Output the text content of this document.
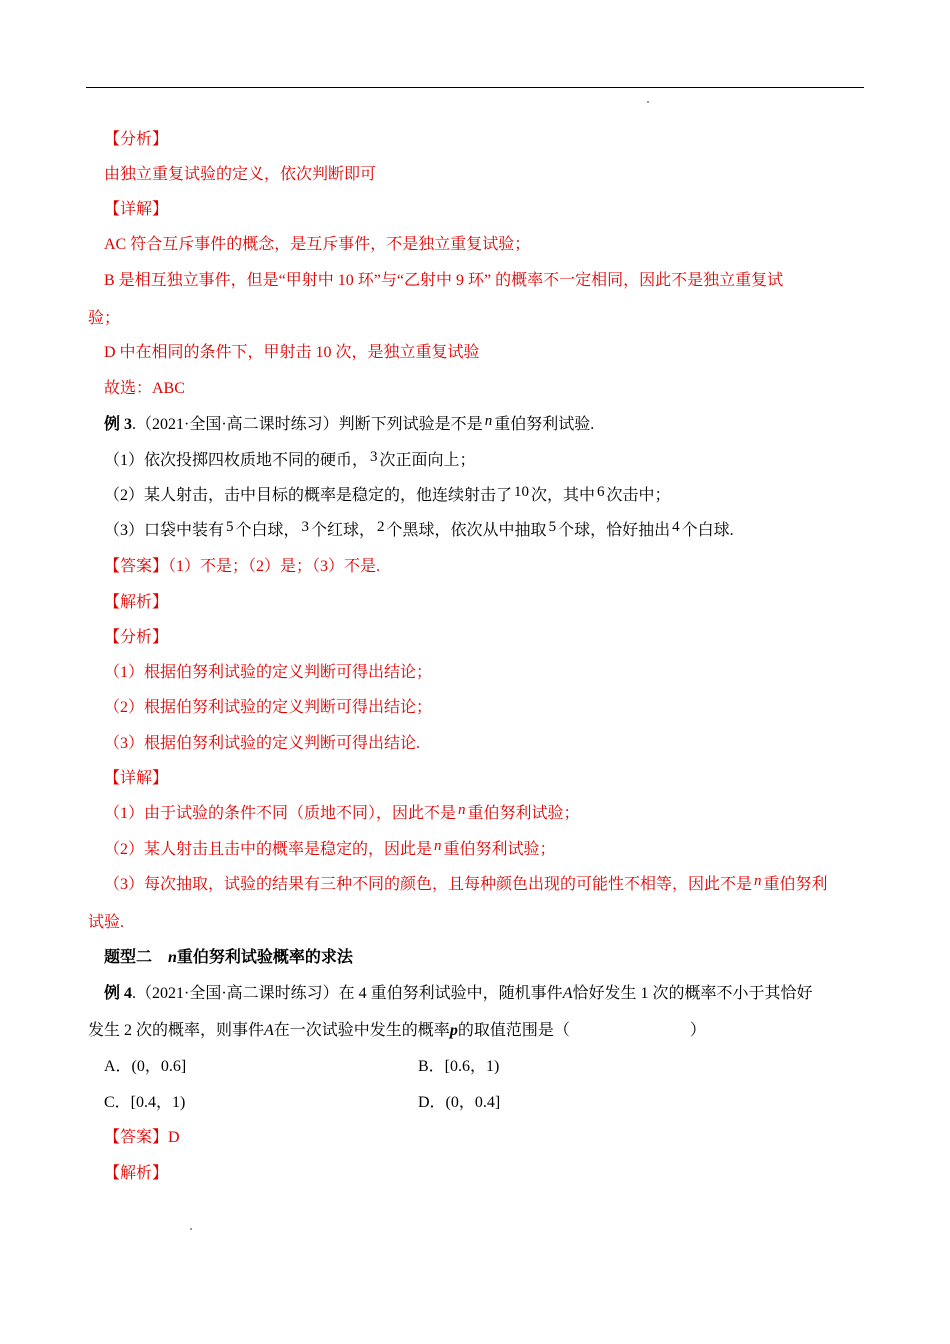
【分析】
由独立重复试验的定义，依次判断即可
【详解】
AC 符合互斥事件的概念，是互斥事件，不是独立重复试验；
B 是相互独立事件，但是“甲射中 10 环”与“乙射中 9 环” 的概率不一定相同，因此不是独立重复试
验；
D 中在相同的条件下，甲射击 10 次，是独立重复试验
故选：ABC
例 3.（2021·全国·高二课时练习）判断下列试验是不是 n 重伯努利试验.
（1）依次投掷四枚质地不同的硬币， 3 次正面向上；
（2）某人射击，击中目标的概率是稳定的，他连续射击了 10 次，其中 6 次击中；
（3）口袋中装有 5 个白球， 3 个红球， 2 个黑球，依次从中抽取 5 个球，恰好抽出 4 个白球.
【答案】（1）不是；（2）是；（3）不是.
【解析】
【分析】
（1）根据伯努利试验的定义判断可得出结论；
（2）根据伯努利试验的定义判断可得出结论；
（3）根据伯努利试验的定义判断可得出结论.
【详解】
（1）由于试验的条件不同（质地不同），因此不是 n 重伯努利试验；
（2）某人射击且击中的概率是稳定的，因此是 n 重伯努利试验；
（3）每次抽取，试验的结果有三种不同的颜色，且每种颜色出现的可能性不相等，因此不是 n 重伯努利
试验.
题型二　n重伯努利试验概率的求法
例 4.（2021·全国·高二课时练习）在 4 重伯努利试验中，随机事件A恰好发生 1 次的概率不小于其恰好
发生 2 次的概率，则事件A在一次试验中发生的概率p的取值范围是（	）
A．(0，0.6]	B．[0.6，1)
C．[0.4，1)	D．(0，0.4]
【答案】D
【解析】
